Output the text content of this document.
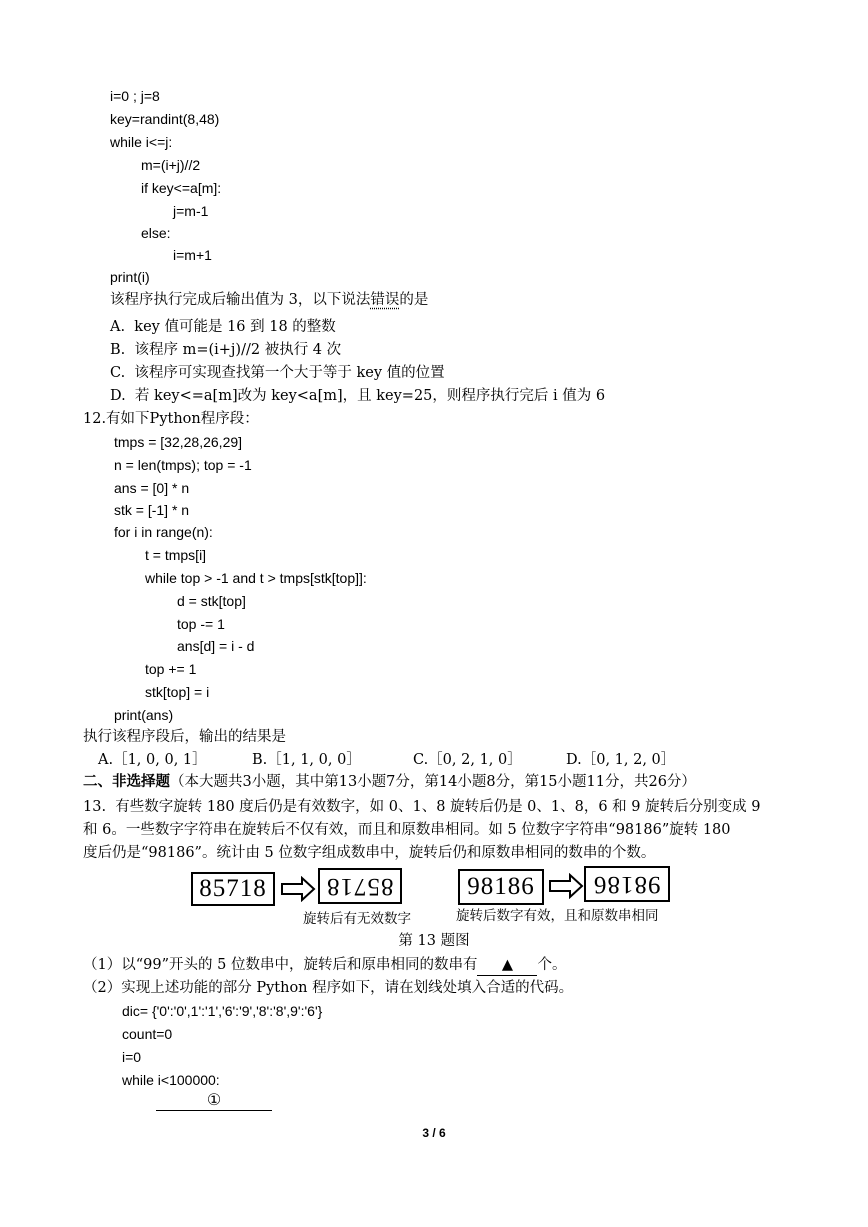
i=0 ; j=8
key=randint(8,48)
while i<=j:
m=(i+j)//2
if key<=a[m]:
j=m-1
else:
i=m+1
print(i)
该程序执行完成后输出值为 3，以下说法错误的是
A.  key 值可能是 16 到 18 的整数
B.  该程序 m=(i+j)//2 被执行 4 次
C.  该程序可实现查找第一个大于等于 key 值的位置
D.  若 key<=a[m]改为 key<a[m]，且 key=25，则程序执行完后 i 值为 6
12.有如下Python程序段：
tmps = [32,28,26,29]
n = len(tmps); top = -1
ans = [0] * n
stk = [-1] * n
for i in range(n):
t = tmps[i]
while top > -1 and t > tmps[stk[top]]:
d = stk[top]
top -= 1
ans[d] = i - d
top += 1
stk[top] = i
print(ans)
执行该程序段后，输出的结果是
A.［1, 0, 0, 1］	B.［1, 1, 0, 0］	C.［0, 2, 1, 0］	D.［0, 1, 2, 0］
二、非选择题（本大题共3小题，其中第13小题7分，第14小题8分，第15小题11分，共26分）
13.  有些数字旋转 180 度后仍是有效数字，如 0、1、8 旋转后仍是 0、1、8，6 和 9 旋转后分别变成 9
和 6。一些数字字符串在旋转后不仅有效，而且和原数串相同。如 5 位数字字符串“98186”旋转 180
度后仍是“98186”。统计由 5 位数字组成数串中，旋转后仍和原数串相同的数串的个数。
85718	85718
旋转后有无效数字
98186	98186
旋转后数字有效，且和原数串相同
第 13 题图
（1）以“99”开头的 5 位数串中，旋转后和原串相同的数串有 ▲ 个。
（2）实现上述功能的部分 Python 程序如下，请在划线处填入合适的代码。
dic= {'0':'0',1':'1','6':'9','8':'8',9':'6'}
count=0
i=0
while i<100000:
①
3 / 6
